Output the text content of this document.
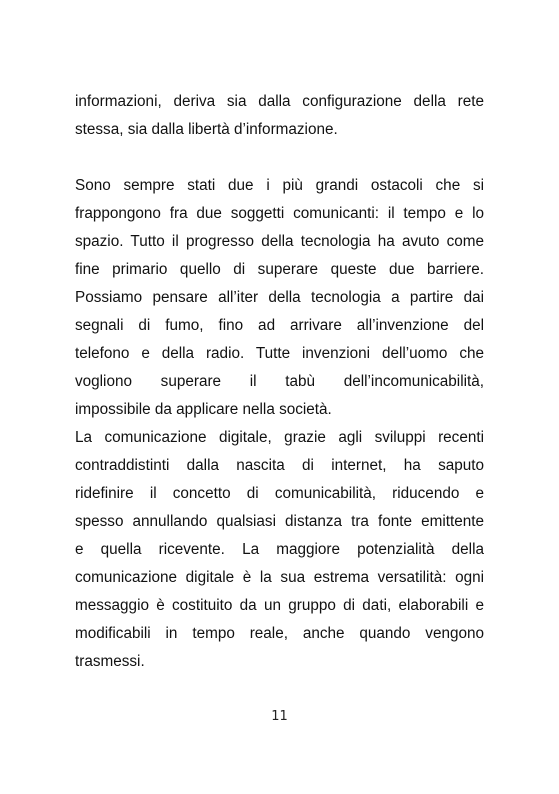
informazioni, deriva sia dalla configurazione della rete
stessa, sia dalla libertà d’informazione.
Sono sempre stati due i più grandi ostacoli che si
frappongono fra due soggetti comunicanti: il tempo e lo
spazio. Tutto il progresso della tecnologia ha avuto come
fine primario quello di superare queste due barriere.
Possiamo pensare all’iter della tecnologia a partire dai
segnali di fumo, fino ad arrivare all’invenzione del
telefono e della radio. Tutte invenzioni dell’uomo che
vogliono superare il tabù dell’incomunicabilità,
impossibile da applicare nella società.
La comunicazione digitale, grazie agli sviluppi recenti
contraddistinti dalla nascita di internet, ha saputo
ridefinire il concetto di comunicabilità, riducendo e
spesso annullando qualsiasi distanza tra fonte emittente
e quella ricevente. La maggiore potenzialità della
comunicazione digitale è la sua estrema versatilità: ogni
messaggio è costituito da un gruppo di dati, elaborabili e
modificabili in tempo reale, anche quando vengono
trasmessi.
11
